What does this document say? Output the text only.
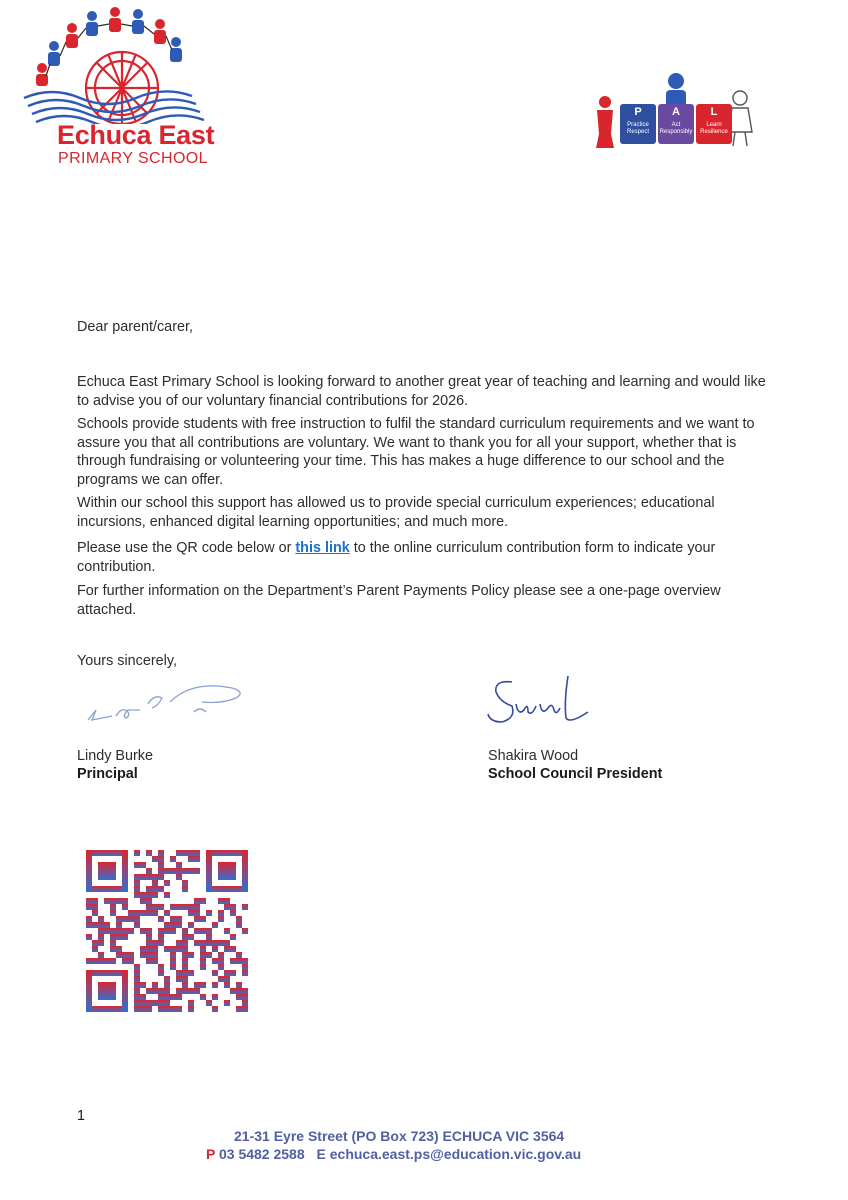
Echuca East
PRIMARY SCHOOL
P
Practice Respect
A
Act Responsibly
L
Learn Resilience

Dear parent/carer,

Echuca East Primary School is looking forward to another great year of teaching and learning and would like to advise you of our voluntary financial contributions for 2026.

Schools provide students with free instruction to fulfil the standard curriculum requirements and we want to assure you that all contributions are voluntary. We want to thank you for all your support, whether that is through fundraising or volunteering your time. This has makes a huge difference to our school and the programs we can offer.

Within our school this support has allowed us to provide special curriculum experiences; educational incursions, enhanced digital learning opportunities; and much more.

Please use the QR code below or this link to the online curriculum contribution form to indicate your contribution.

For further information on the Department’s Parent Payments Policy please see a one-page overview attached.

Yours sincerely,

Lindy Burke
Principal
Shakira Wood
School Council President
1
21-31 Eyre Street (PO Box 723) ECHUCA VIC 3564
P 03 5482 2588 E echuca.east.ps@education.vic.gov.au
